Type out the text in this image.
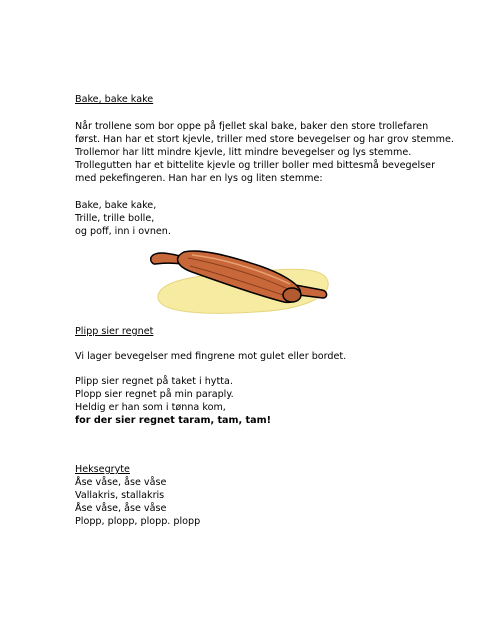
Bake, bake kake
Når trollene som bor oppe på fjellet skal bake, baker den store trollefaren
først. Han har et stort kjevle, triller med store bevegelser og har grov stemme.
Trollemor har litt mindre kjevle, litt mindre bevegelser og lys stemme.
Trollegutten har et bittelite kjevle og triller boller med bittesmå bevegelser
med pekefingeren. Han har en lys og liten stemme:
Bake, bake kake,
Trille, trille bolle,
og poff, inn i ovnen.
Plipp sier regnet
Vi lager bevegelser med fingrene mot gulet eller bordet.
Plipp sier regnet på taket i hytta.
Plopp sier regnet på min paraply.
Heldig er han som i tønna kom,
for der sier regnet taram, tam, tam!
Heksegryte
Åse våse, åse våse
Vallakris, stallakris
Åse våse, åse våse
Plopp, plopp, plopp. plopp
